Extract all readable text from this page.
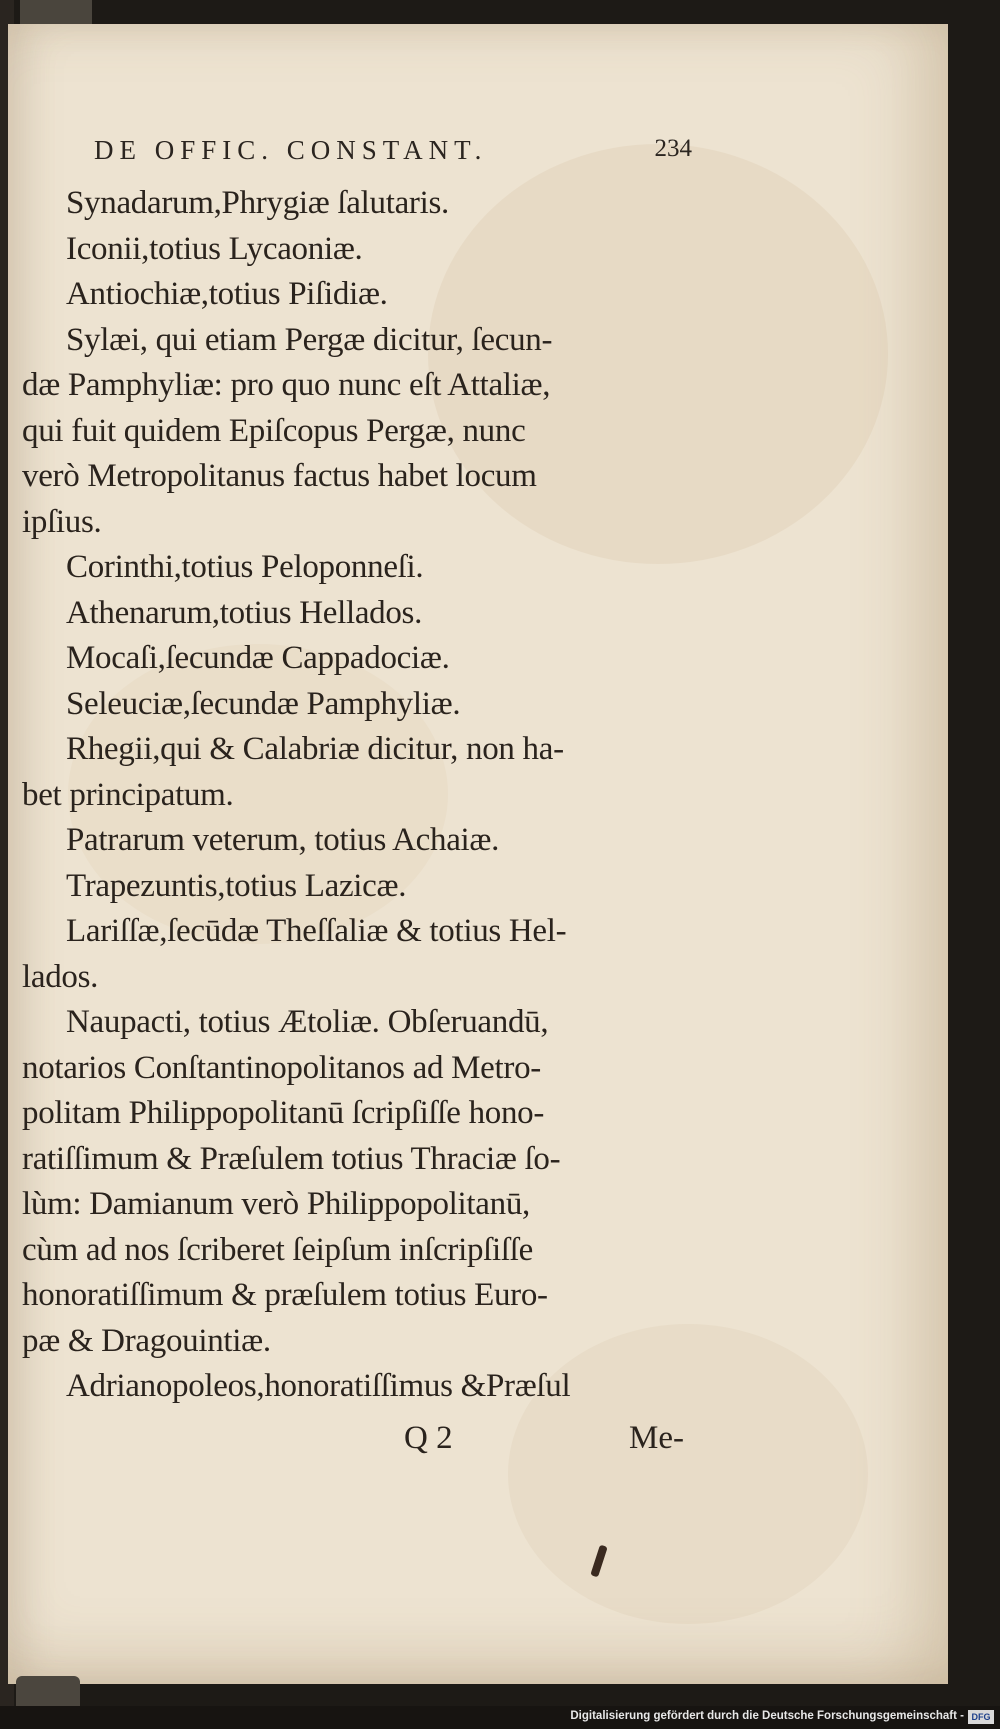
DE OFFIC. CONSTANT.	234
Synadarum,Phrygiæ ſalutaris.
Iconii,totius Lycaoniæ.
Antiochiæ,totius Piſidiæ.
Sylæi, qui etiam Pergæ dicitur, ſecun-
dæ Pamphyliæ: pro quo nunc eſt Attaliæ,
qui fuit quidem Epiſcopus Pergæ, nunc
verò Metropolitanus factus habet locum
ipſius.
Corinthi,totius Peloponneſi.
Athenarum,totius Hellados.
Mocaſi,ſecundæ Cappadociæ.
Seleuciæ,ſecundæ Pamphyliæ.
Rhegii,qui & Calabriæ dicitur, non ha-
bet principatum.
Patrarum veterum, totius Achaiæ.
Trapezuntis,totius Lazicæ.
Lariſſæ,ſecūdæ Theſſaliæ & totius Hel-
lados.
Naupacti, totius Ætoliæ. Obſeruandū,
notarios Conſtantinopolitanos ad Metro-
politam Philippopolitanū ſcripſiſſe hono-
ratiſſimum & Præſulem totius Thraciæ ſo-
lùm: Damianum verò Philippopolitanū,
cùm ad nos ſcriberet ſeipſum inſcripſiſſe
honoratiſſimum & præſulem totius Euro-
pæ & Dragouintiæ.
Adrianopoleos,honoratiſſimus &Præſul
Q 2	Me-
Digitalisierung gefördert durch die Deutsche Forschungsgemeinschaft - DFG
